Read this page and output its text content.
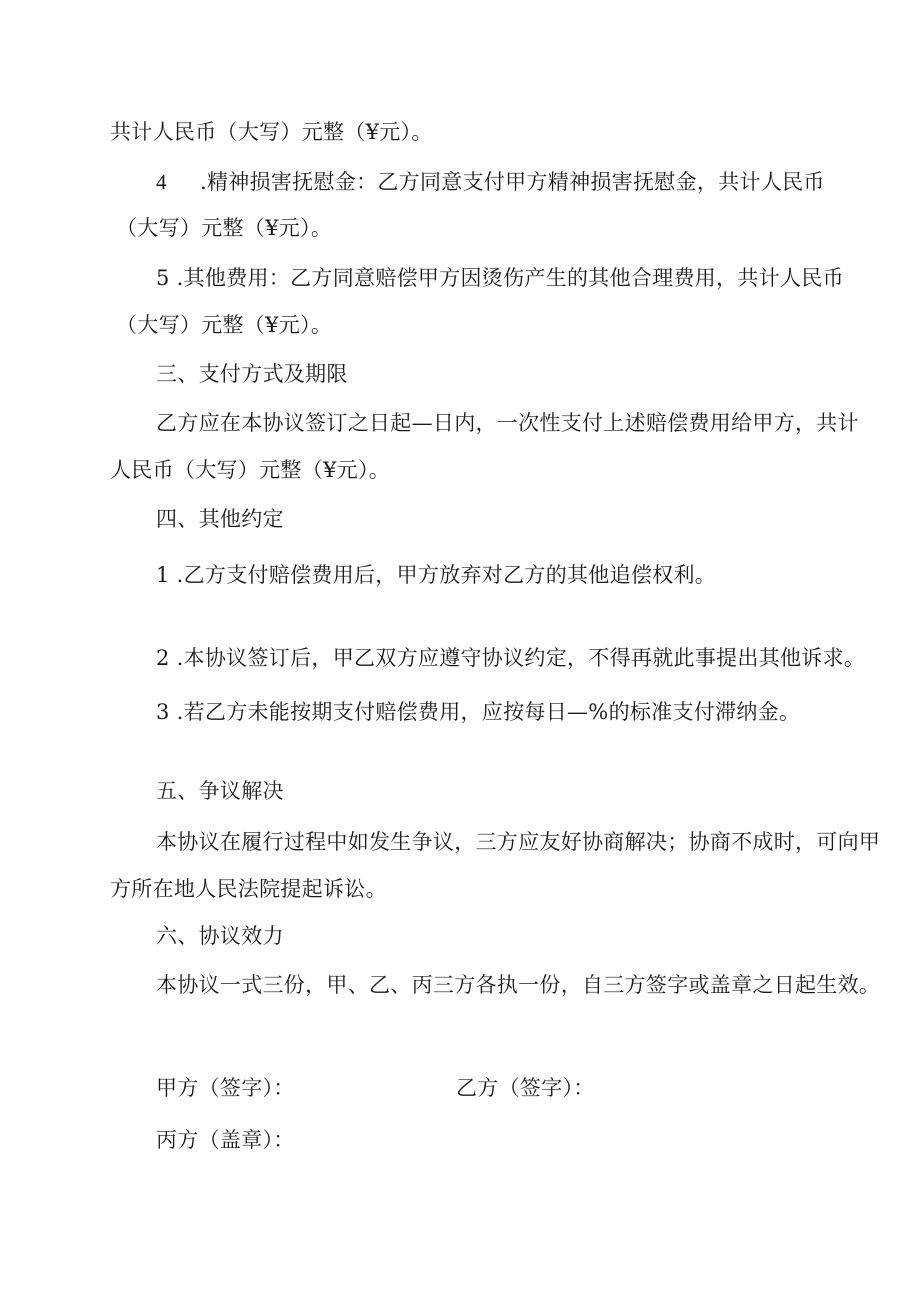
共计人民币（大写）元整（¥元）。
4 .精神损害抚慰金：乙方同意支付甲方精神损害抚慰金，共计人民币
（大写）元整（¥元）。
5 .其他费用：乙方同意赔偿甲方因烫伤产生的其他合理费用，共计人民币
（大写）元整（¥元）。
三、支付方式及期限
乙方应在本协议签订之日起—日内，一次性支付上述赔偿费用给甲方，共计
人民币（大写）元整（¥元）。
四、其他约定
1 .乙方支付赔偿费用后，甲方放弃对乙方的其他追偿权利。
2 .本协议签订后，甲乙双方应遵守协议约定，不得再就此事提出其他诉求。
3 .若乙方未能按期支付赔偿费用，应按每日—%的标准支付滞纳金。
五、争议解决
本协议在履行过程中如发生争议，三方应友好协商解决；协商不成时，可向甲
方所在地人民法院提起诉讼。
六、协议效力
本协议一式三份，甲、乙、丙三方各执一份，自三方签字或盖章之日起生效。
甲方（签字）：	乙方（签字）：
丙方（盖章）：
